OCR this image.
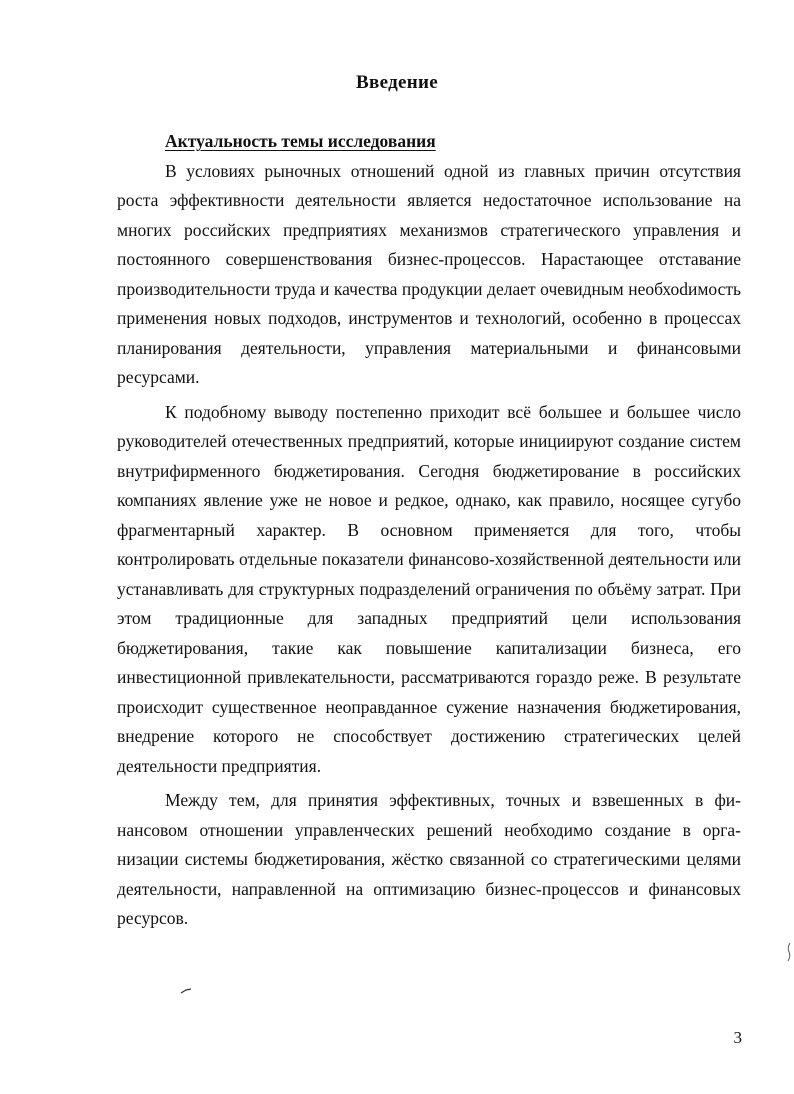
Введение

Актуальность темы исследования

В условиях рыночных отношений одной из главных причин отсутствия роста эффективности деятельности является недостаточное использование на многих российских предприятиях механизмов стратегического управления и постоянного совершенствования бизнес-процессов. Нарастающее отставание производительности труда и качества продукции делает очевидным необхоdимость применения новых подходов, инструментов и технологий, особенно в процессах планирования деятельности, управления материальными и финансовыми ресурсами.

К подобному выводу постепенно приходит всё большее и большее число руководителей отечественных предприятий, которые инициируют создание систем внутрифирменного бюджетирования. Сегодня бюджетирование в российских компаниях явление уже не новое и редкое, однако, как правило, носящее сугубо фрагментарный характер. В основном применяется для того, чтобы контролировать отдельные показатели финансово-хозяйственной деятельности или устанавливать для структурных подразделений ограничения по объёму затрат. При этом традиционные для западных предприятий цели использования бюджетирования, такие как повышение капитализации бизнеса, его инвестиционной привлекательности, рассматриваются гораздо реже. В результате происходит существенное неоправданное сужение назначения бюджетирования, внедрение которого не способствует достижению стратегических целей деятельности предприятия.

Между тем, для принятия эффективных, точных и взвешенных в финансовом отношении управленческих решений необходимо создание в организации системы бюджетирования, жёстко связанной со стратегическими целями деятельности, направленной на оптимизацию бизнес-процессов и финансовых ресурсов.

3
